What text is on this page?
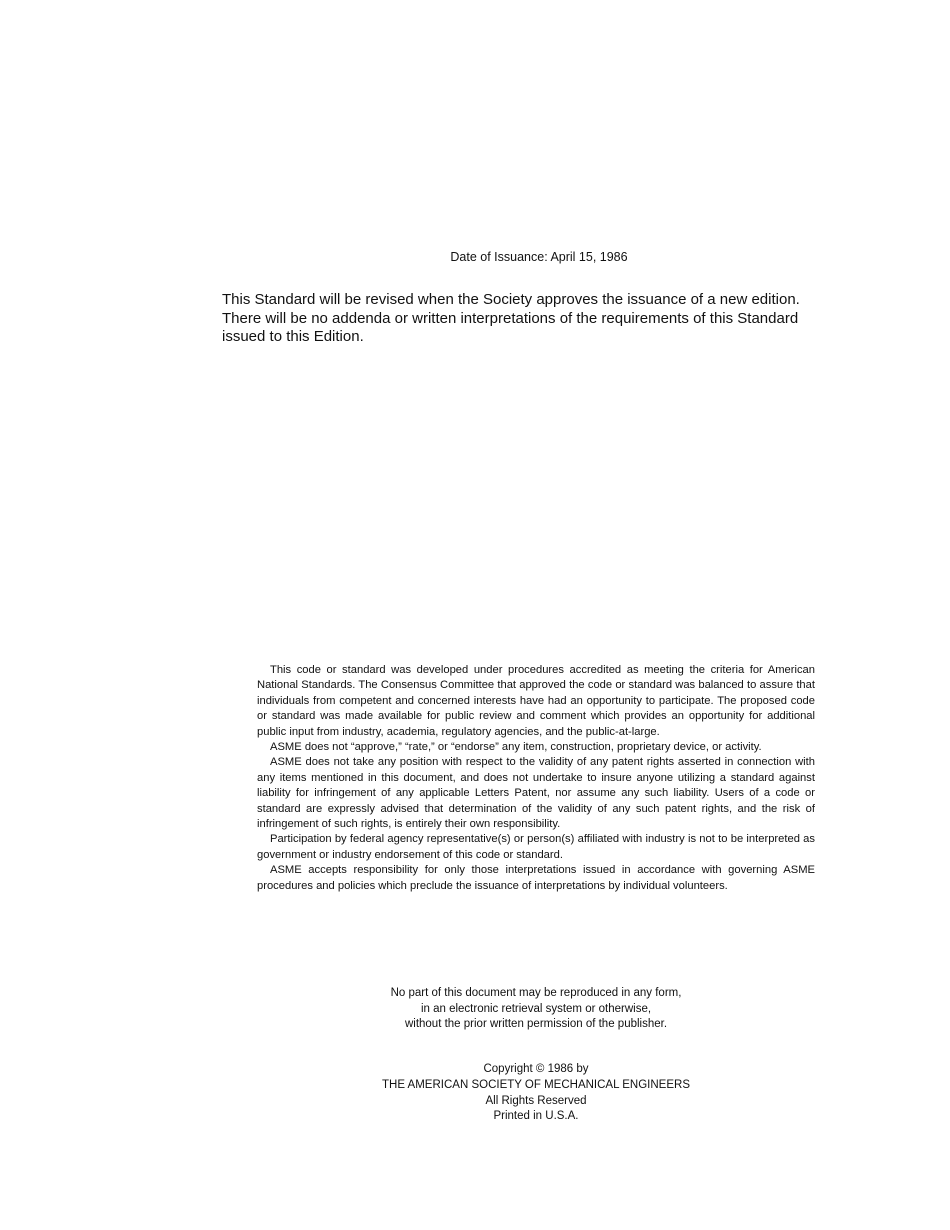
Date of Issuance: April 15, 1986
This Standard will be revised when the Society approves the issuance of a new edition.
There will be no addenda or written interpretations of the requirements of this Standard
issued to this Edition.

This code or standard was developed under procedures accredited as meeting the criteria for American National Standards. The Consensus Committee that approved the code or standard was balanced to assure that individuals from competent and concerned interests have had an opportunity to participate. The proposed code or standard was made available for public review and comment which provides an opportunity for additional public input from industry, academia, regulatory agencies, and the public-at-large.

ASME does not “approve,” “rate,” or “endorse” any item, construction, proprietary device, or activity.

ASME does not take any position with respect to the validity of any patent rights asserted in connection with any items mentioned in this document, and does not undertake to insure anyone utilizing a standard against liability for infringement of any applicable Letters Patent, nor assume any such liability. Users of a code or standard are expressly advised that determination of the validity of any such patent rights, and the risk of infringement of such rights, is entirely their own responsibility.

Participation by federal agency representative(s) or person(s) affiliated with industry is not to be interpreted as government or industry endorsement of this code or standard.

ASME accepts responsibility for only those interpretations issued in accordance with governing ASME procedures and policies which preclude the issuance of interpretations by individual volunteers.

No part of this document may be reproduced in any form,
in an electronic retrieval system or otherwise,
without the prior written permission of the publisher.
Copyright © 1986 by
THE AMERICAN SOCIETY OF MECHANICAL ENGINEERS
All Rights Reserved
Printed in U.S.A.
